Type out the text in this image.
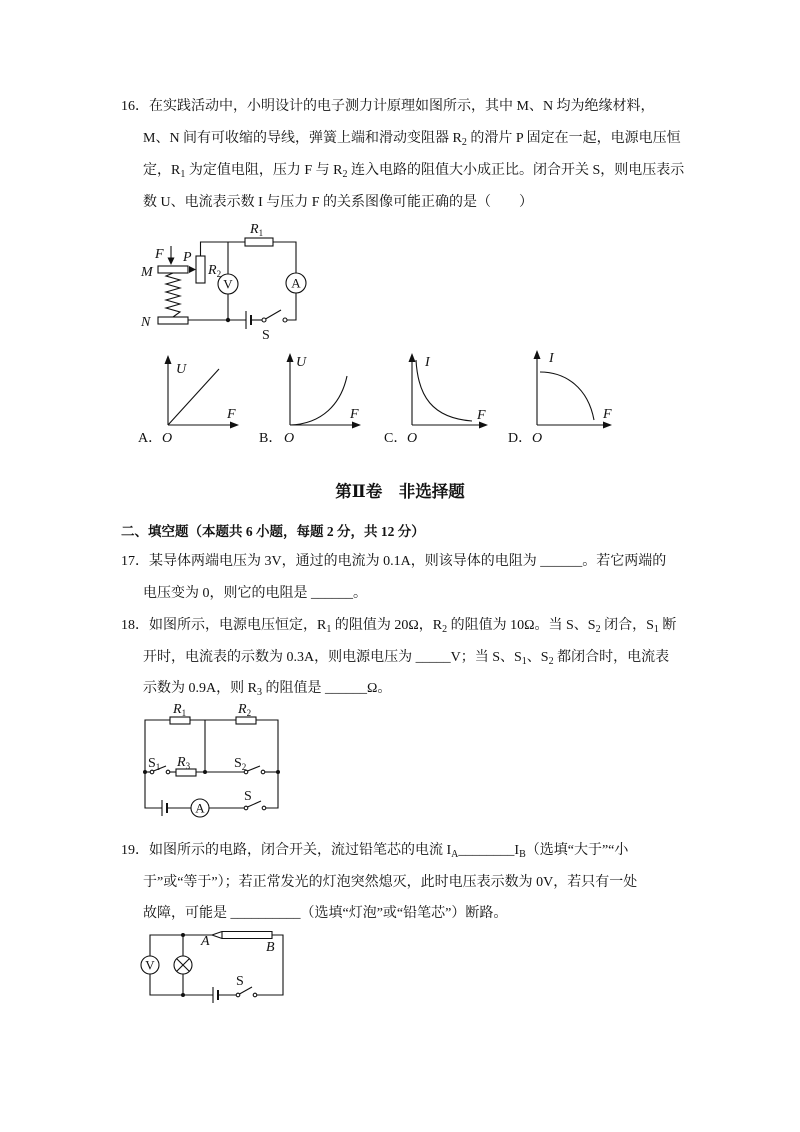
16．在实践活动中，小明设计的电子测力计原理如图所示，其中 M、N 均为绝缘材料，
M、N 间有可收缩的导线，弹簧上端和滑动变阻器 $R_2$ 的滑片 P 固定在一起，电源电压恒
定，$R_1$ 为定值电阻，压力 F 与 $R_2$ 连入电路的阻值大小成正比。闭合开关 S，则电压表示
数 U、电流表示数 I 与压力 F 的关系图像可能正确的是（　　）
第Ⅱ卷　非选择题
二、填空题（本题共 6 小题，每题 2 分，共 12 分）
17．某导体两端电压为 3V，通过的电流为 0.1A，则该导体的电阻为 ______。若它两端的
电压变为 0，则它的电阻是 ______。
18．如图所示，电源电压恒定，$R_1$ 的阻值为 20Ω，$R_2$ 的阻值为 10Ω。当 S、$S_2$ 闭合，$S_1$ 断
开时，电流表的示数为 0.3A，则电源电压为 _____V；当 S、$S_1$、$S_2$ 都闭合时，电流表
示数为 0.9A，则 $R_3$ 的阻值是 ______Ω。
19．如图所示的电路，闭合开关，流过铅笔芯的电流 $I_A\_\_\_\_\_\_\_\_I_B$（选填“大于”“小
于”或“等于”）；若正常发光的灯泡突然熄灭，此时电压表示数为 0V，若只有一处
故障，可能是 __________（选填“灯泡”或“铅笔芯”）断路。
F P
M
N
$R_2$
$R_1$
V	A
S
U
F
O
A．
U
F
O
B．
I
F
O
C．
I
F
O
D．
$R_1$	$R_2$
$S_1$ $R_3$	$S_2$
A
S
A	B
V
S
